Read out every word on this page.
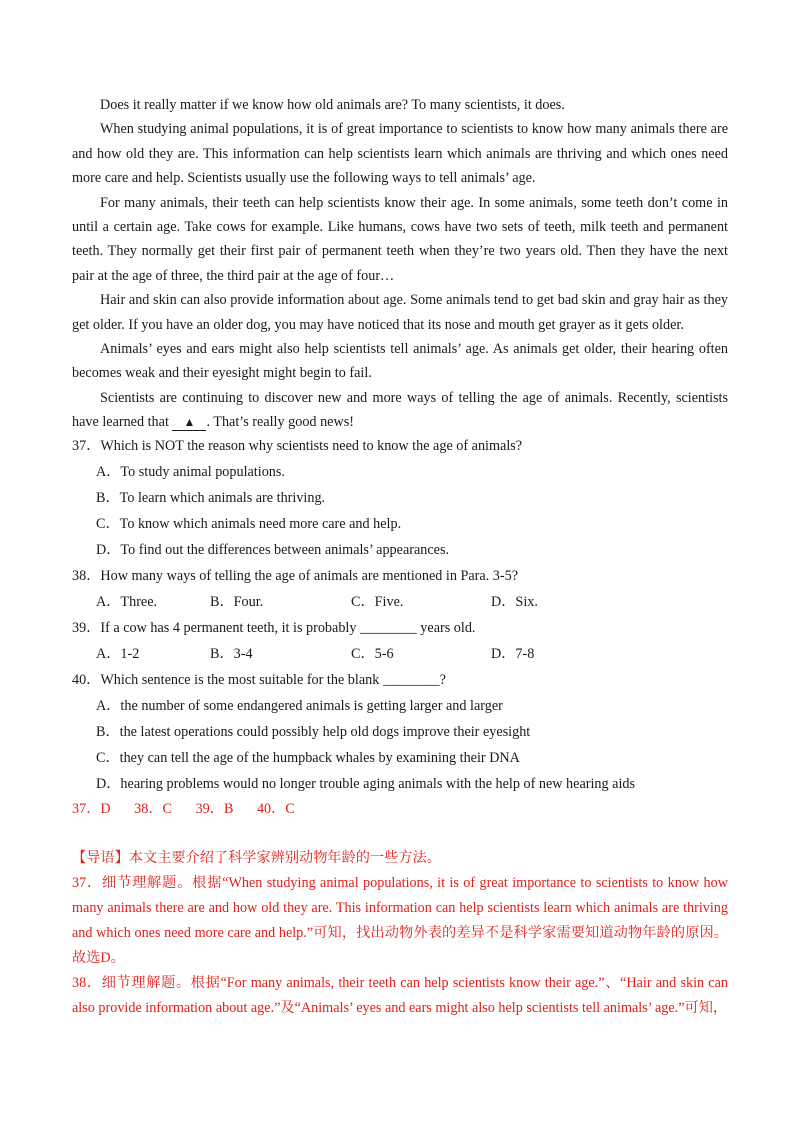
Does it really matter if we know how old animals are? To many scientists, it does.

When studying animal populations, it is of great importance to scientists to know how many animals there are and how old they are. This information can help scientists learn which animals are thriving and which ones need more care and help. Scientists usually use the following ways to tell animals’ age.

For many animals, their teeth can help scientists know their age. In some animals, some teeth don’t come in until a certain age. Take cows for example. Like humans, cows have two sets of teeth, milk teeth and permanent teeth. They normally get their first pair of permanent teeth when they’re two years old. Then they have the next pair at the age of three, the third pair at the age of four…

Hair and skin can also provide information about age. Some animals tend to get bad skin and gray hair as they get older. If you have an older dog, you may have noticed that its nose and mouth get grayer as it gets older.

Animals’ eyes and ears might also help scientists tell animals’ age. As animals get older, their hearing often becomes weak and their eyesight might begin to fail.

Scientists are continuing to discover new and more ways of telling the age of animals. Recently, scientists have learned that ▲ . That’s really good news!

37．Which is NOT the reason why scientists need to know the age of animals?
A．To study animal populations.
B．To learn which animals are thriving.
C．To know which animals need more care and help.
D．To find out the differences between animals’ appearances.
38．How many ways of telling the age of animals are mentioned in Para. 3-5?
A．Three.	B．Four.	C．Five.	D．Six.
39．If a cow has 4 permanent teeth, it is probably ________ years old.
A．1-2	B．3-4	C．5-6	D．7-8
40．Which sentence is the most suitable for the blank ________?
A．the number of some endangered animals is getting larger and larger
B．the latest operations could possibly help old dogs improve their eyesight
C．they can tell the age of the humpback whales by examining their DNA
D．hearing problems would no longer trouble aging animals with the help of new hearing aids
37．D 38．C 39．B 40．C

【导语】本文主要介绍了科学家辨别动物年龄的一些方法。

37．细节理解题。根据“When studying animal populations, it is of great importance to scientists to know how many animals there are and how old they are. This information can help scientists learn which animals are thriving and which ones need more care and help.”可知，找出动物外表的差异不是科学家需要知道动物年龄的原因。故选D。

38．细节理解题。根据“For many animals, their teeth can help scientists know their age.”、“Hair and skin can also provide information about age.”及“Animals’ eyes and ears might also help scientists tell animals’ age.”可知，
